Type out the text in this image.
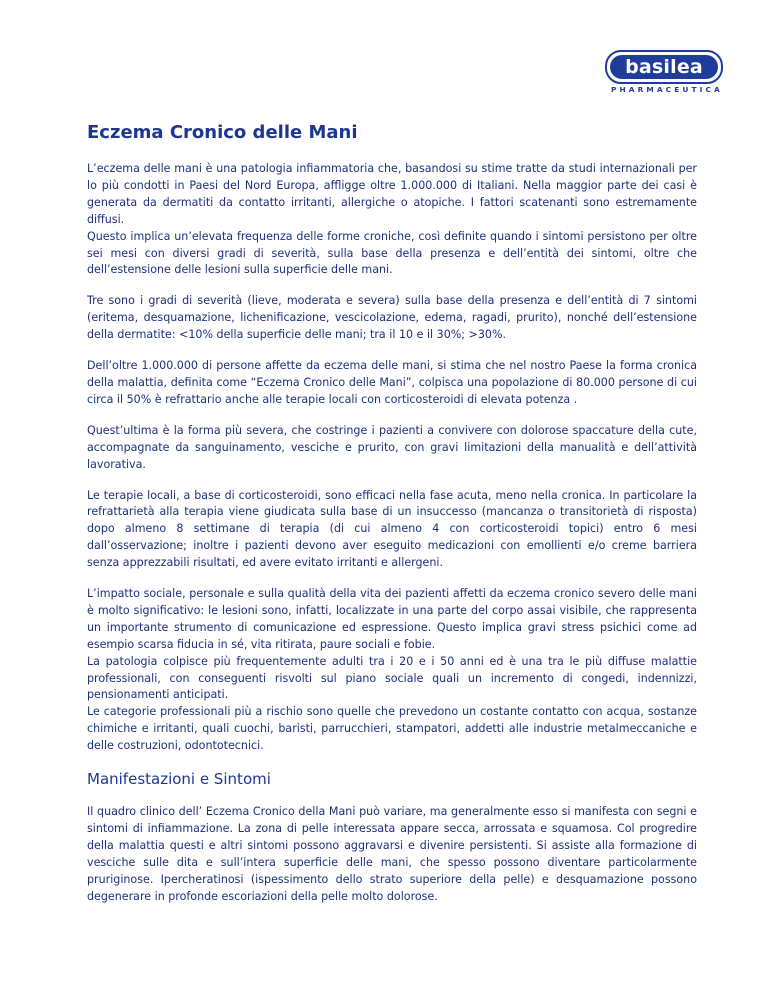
basilea
PHARMACEUTICA
Eczema Cronico delle Mani

L’eczema delle mani è una patologia infiammatoria che, basandosi su stime tratte da studi internazionali per lo più condotti in Paesi del Nord Europa, affligge oltre 1.000.000 di Italiani. Nella maggior parte dei casi è generata da dermatiti da contatto irritanti, allergiche o atopiche. I fattori scatenanti sono estremamente diffusi.
Questo implica un’elevata frequenza delle forme croniche, così definite quando i sintomi persistono per oltre sei mesi con diversi gradi di severità, sulla base della presenza e dell’entità dei sintomi, oltre che dell’estensione delle lesioni sulla superficie delle mani.

Tre sono i gradi di severità (lieve, moderata e severa) sulla base della presenza e dell’entità di 7 sintomi (eritema, desquamazione, lichenificazione, vescicolazione, edema, ragadi, prurito), nonché dell’estensione della dermatite: <10% della superficie delle mani; tra il 10 e il 30%; >30%.

Dell’oltre 1.000.000 di persone affette da eczema delle mani, si stima che nel nostro Paese la forma cronica della malattia, definita come “Eczema Cronico delle Mani”, colpisca una popolazione di 80.000 persone di cui circa il 50% è refrattario anche alle terapie locali con corticosteroidi di elevata potenza .

Quest’ultima è la forma più severa, che costringe i pazienti a convivere con dolorose spaccature della cute, accompagnate da sanguinamento, vesciche e prurito, con gravi limitazioni della manualità e dell’attività lavorativa.

Le terapie locali, a base di corticosteroidi, sono efficaci nella fase acuta, meno nella cronica. In particolare la refrattarietà alla terapia viene giudicata sulla base di un insuccesso (mancanza o transitorietà di risposta) dopo almeno 8 settimane di terapia (di cui almeno 4 con corticosteroidi topici) entro 6 mesi dall’osservazione; inoltre i pazienti devono aver eseguito medicazioni con emollienti e/o creme barriera senza apprezzabili risultati, ed avere evitato irritanti e allergeni.

L’impatto sociale, personale e sulla qualità della vita dei pazienti affetti da eczema cronico severo delle mani è molto significativo: le lesioni sono, infatti, localizzate in una parte del corpo assai visibile, che rappresenta un importante strumento di comunicazione ed espressione. Questo implica gravi stress psichici come ad esempio scarsa fiducia in sé, vita ritirata, paure sociali e fobie.
La patologia colpisce più frequentemente adulti tra i 20 e i 50 anni ed è una tra le più diffuse malattie professionali, con conseguenti risvolti sul piano sociale quali un incremento di congedi, indennizzi, pensionamenti anticipati.
Le categorie professionali più a rischio sono quelle che prevedono un costante contatto con acqua, sostanze chimiche e irritanti, quali cuochi, baristi, parrucchieri, stampatori, addetti alle industrie metalmeccaniche e delle costruzioni, odontotecnici.

Manifestazioni e Sintomi

Il quadro clinico dell’ Eczema Cronico della Mani può variare, ma generalmente esso si manifesta con segni e sintomi di infiammazione. La zona di pelle interessata appare secca, arrossata e squamosa. Col progredire della malattia questi e altri sintomi possono aggravarsi e divenire persistenti. Si assiste alla formazione di vesciche sulle dita e sull’intera superficie delle mani, che spesso possono diventare particolarmente pruriginose. Ipercheratinosi (ispessimento dello strato superiore della pelle) e desquamazione possono degenerare in profonde escoriazioni della pelle molto dolorose.
